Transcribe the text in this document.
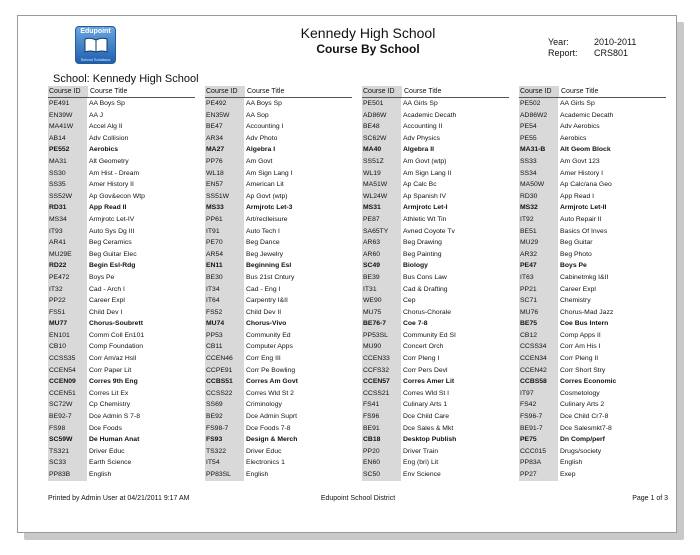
Edupoint
School Solutions
Kennedy High School
Course By School	Year:	2010-2011
Report: CRS801
School: Kennedy High School
Course ID	Course Title
PE491	AA Boys Sp
EN39W	AA J
MA41W	Accel Alg II
AB14	Adv Collision
PE552	Aerobics
MA31	Alt Geometry
SS30	Am Hist - Dream
SS35	Amer History II
SS52W	Ap Gov&econ Wtp
RD31	App Read II
MS34	Armjrotc Let-IV
IT93	Auto Sys Dg III
AR41	Beg Ceramics
MU29E	Beg Guitar Elec
RD22	Begin Esl-Rdg
PE472	Boys Pe
IT32	Cad - Arch I
PP22	Career Expl
FS51	Child Dev I
MU77	Chorus-Soubrett
EN101	Comm Coll En101
CB10	Comp Foundation
CCSS35	Corr Am/az Hsll
CCEN54	Corr Paper Lit
CCEN09	Corres 9th Eng
CCEN51	Corres Lit Ex
SC72W	Cp Chemistry
BE92-7	Dce Admin S 7-8
FS98	Dce Foods
SC59W	De Human Anat
TS321	Driver Educ
SC33	Earth Science
PP83B	English
Course ID	Course Title
PE492	AA Boys Sp
EN35W	AA Sop
BE47	Accounting I
AR34	Adv Photo
MA27	Algebra I
PP76	Am Govt
WL18	Am Sign Lang I
EN57	American Lit
SS51W	Ap Govt (wtp)
MS33	Armjrotc Let-3
PP61	Art/reclleisure
IT91	Auto Tech I
PE70	Beg Dance
AR54	Beg Jewelry
EN11	Beginning Esl
BE30	Bus 21st Cntury
IT34	Cad - Eng I
IT64	Carpentry I&II
FS52	Child Dev II
MU74	Chorus-Vivo
PP53	Community Ed
CB11	Computer Apps
CCEN46	Corr Eng III
CCPE91	Corr Pe Bowling
CCBS51	Corres Am Govt
CCSS22	Corres Wld St 2
SS69	Criminology
BE92	Dce Admin Suprt
FS98-7	Dce Foods 7-8
FS93	Design & Merch
TS322	Driver Educ
IT54	Electronics 1
PP83SL	English
Course ID	Course Title
PE501	AA Girls Sp
AD86W	Academic Decath
BE48	Accounting II
SC62W	Adv Physics
MA40	Algebra II
SS51Z	Am Govt (wtp)
WL19	Am Sign Lang II
MA51W	Ap Calc Bc
WL24W	Ap Spanish IV
MS31	Armjrotc Let-I
PE87	Athletic Wt Tin
SA65TY	Avned Coyote Tv
AR63	Beg Drawing
AR60	Beg Painting
SC49	Biology
BE39	Bus Cons Law
IT31	Cad & Drafting
WE90	Cep
MU75	Chorus-Chorale
BE76-7	Coe 7-8
PP53SL	Community Ed SI
MU90	Concert Orch
CCEN33	Corr Pleng I
CCFS32	Corr Pers Devl
CCEN57	Corres Amer Lit
CCSS21	Corres Wld St I
FS41	Culinary Arts 1
FS96	Dce Child Care
BE91	Dce Sales & Mkt
CB18	Desktop Publish
PP20	Driver Train
EN60	Eng (bri) Lit
SC50	Env Science
Course ID	Course Title
PE502	AA Girls Sp
AD86W2	Academic Decath
PE54	Adv Aerobics
PE55	Aerobics
MA31-B	Alt Geom Block
SS33	Am Govt 123
SS34	Amer History I
MA50W	Ap Calc/ana Geo
RD30	App Read I
MS32	Armjrotc Let-II
IT92	Auto Repair II
BE51	Basics Of Inves
MU29	Beg Guitar
AR32	Beg Photo
PE47	Boys Pe
IT63	Cabinetmkg I&II
PP21	Career Expl
SC71	Chemistry
MU76	Chorus-Mad Jazz
BE75	Coe Bus Intern
CB12	Comp Apps II
CCSS34	Corr Am His I
CCEN34	Corr Pleng II
CCEN42	Corr Short Stry
CCBS58	Corres Economic
IT97	Cosmetology
FS42	Culinary Arts 2
FS96-7	Dce Child Cr7-8
BE91-7	Dce Salesmkt7-8
PE75	Dn Comp/perf
CCC015	Drugs/society
PP83A	English
PP27	Exep
Printed by Admin User at 04/21/2011 9:17 AM	Edupoint School District	Page 1 of 3
